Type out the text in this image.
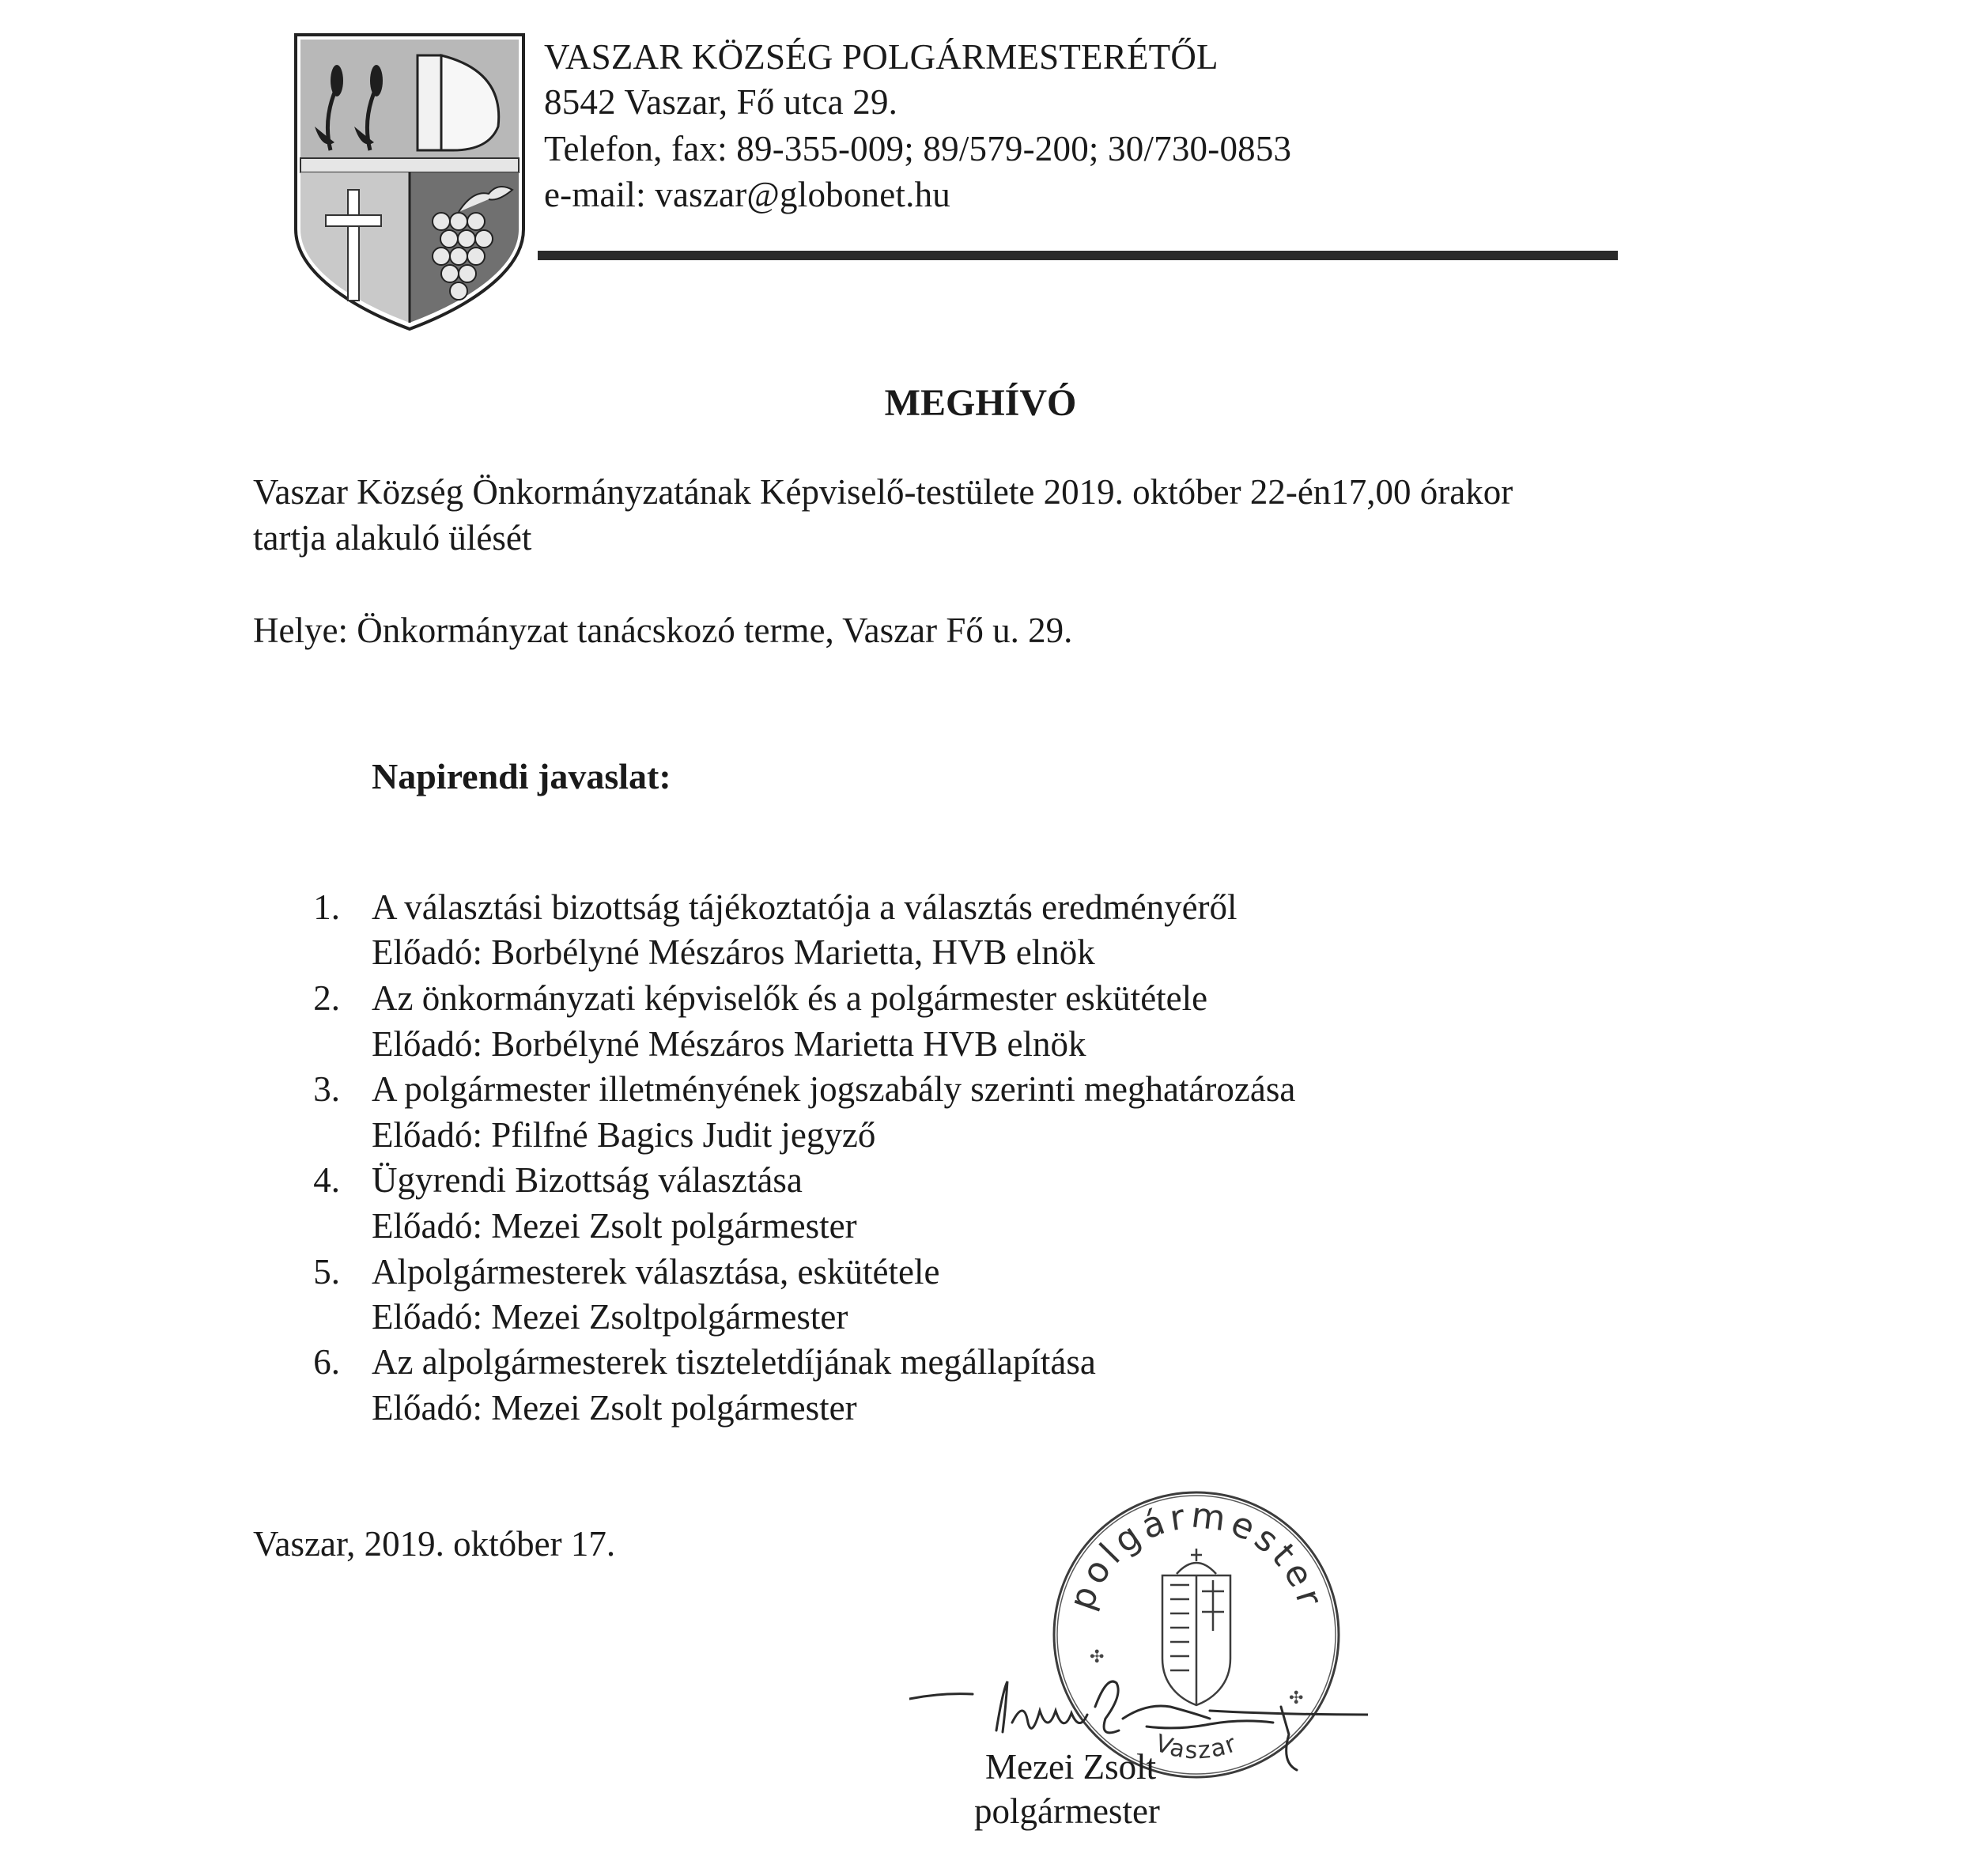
VASZAR KÖZSÉG POLGÁRMESTERÉTŐL
8542 Vaszar, Fő utca 29.
Telefon, fax: 89-355-009; 89/579-200; 30/730-0853
e-mail: vaszar@globonet.hu
MEGHÍVÓ
Vaszar Község Önkormányzatának Képviselő-testülete 2019. október 22-én17,00 órakor
tartja alakuló ülését
Helye: Önkormányzat tanácskozó terme, Vaszar Fő u. 29.
Napirendi javaslat:
1. A választási bizottság tájékoztatója a választás eredményéről
Előadó: Borbélyné Mészáros Marietta, HVB elnök
2. Az önkormányzati képviselők és a polgármester eskütétele
Előadó: Borbélyné Mészáros Marietta HVB elnök
3. A polgármester illetményének jogszabály szerinti meghatározása
Előadó: Pfilfné Bagics Judit jegyző
4. Ügyrendi Bizottság választása
Előadó: Mezei Zsolt polgármester
5. Alpolgármesterek választása, eskütétele
Előadó: Mezei Zsoltpolgármester
6. Az alpolgármesterek tiszteletdíjának megállapítása
Előadó: Mezei Zsolt polgármester
Vaszar, 2019. október 17.
polgármester
Vaszar
✣
✣
Mezei Zsolt
polgármester
